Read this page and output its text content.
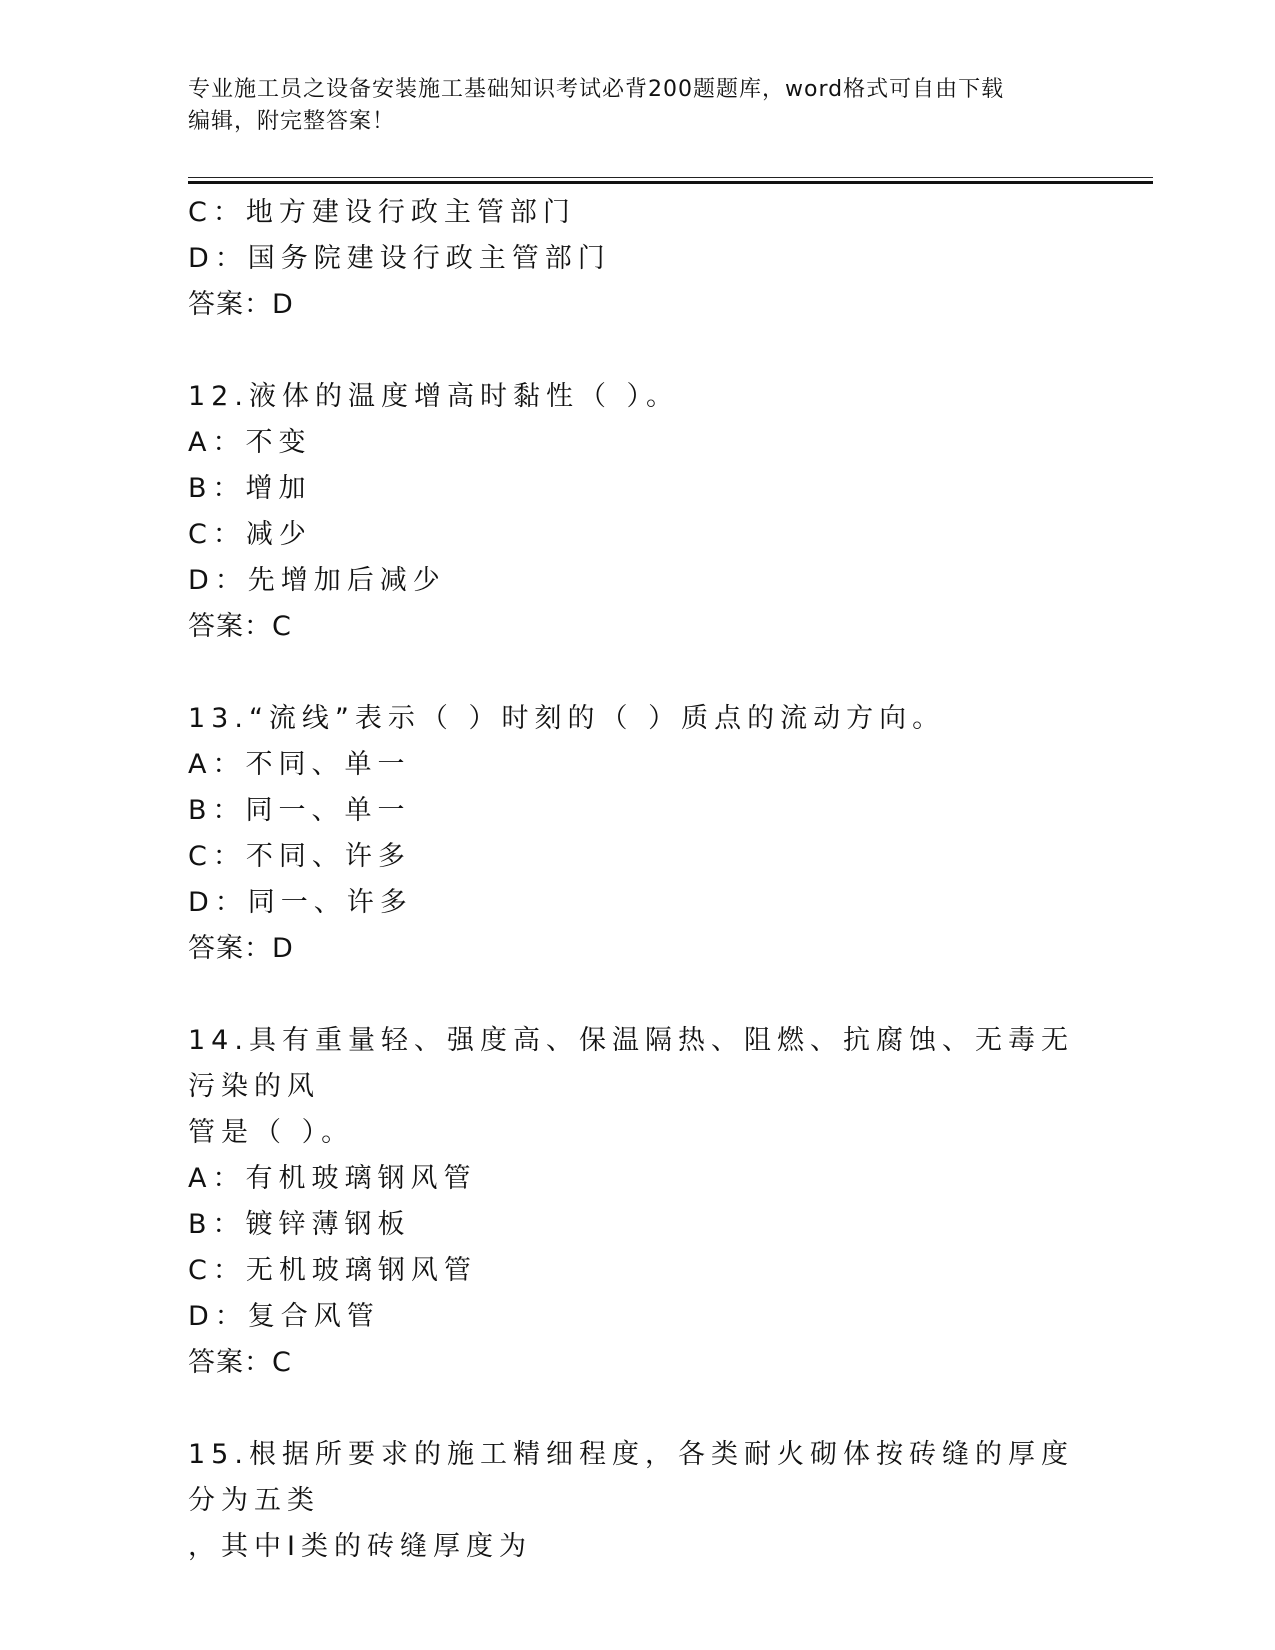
专业施工员之设备安装施工基础知识考试必背200题题库，word格式可自由下载
编辑，附完整答案！
C：地方建设行政主管部门
D：国务院建设行政主管部门
答案：D
12.液体的温度增高时黏性（ ）。
A：不变
B：增加
C：减少
D：先增加后减少
答案：C
13.“流线”表示（ ）时刻的（ ）质点的流动方向。
A：不同、单一
B：同一、单一
C：不同、许多
D：同一、许多
答案：D
14.具有重量轻、强度高、保温隔热、阻燃、抗腐蚀、无毒无污染的风
管是（ ）。
A：有机玻璃钢风管
B：镀锌薄钢板
C：无机玻璃钢风管
D：复合风管
答案：C
15.根据所要求的施工精细程度，各类耐火砌体按砖缝的厚度分为五类
，其中Ⅰ类的砖缝厚度为
